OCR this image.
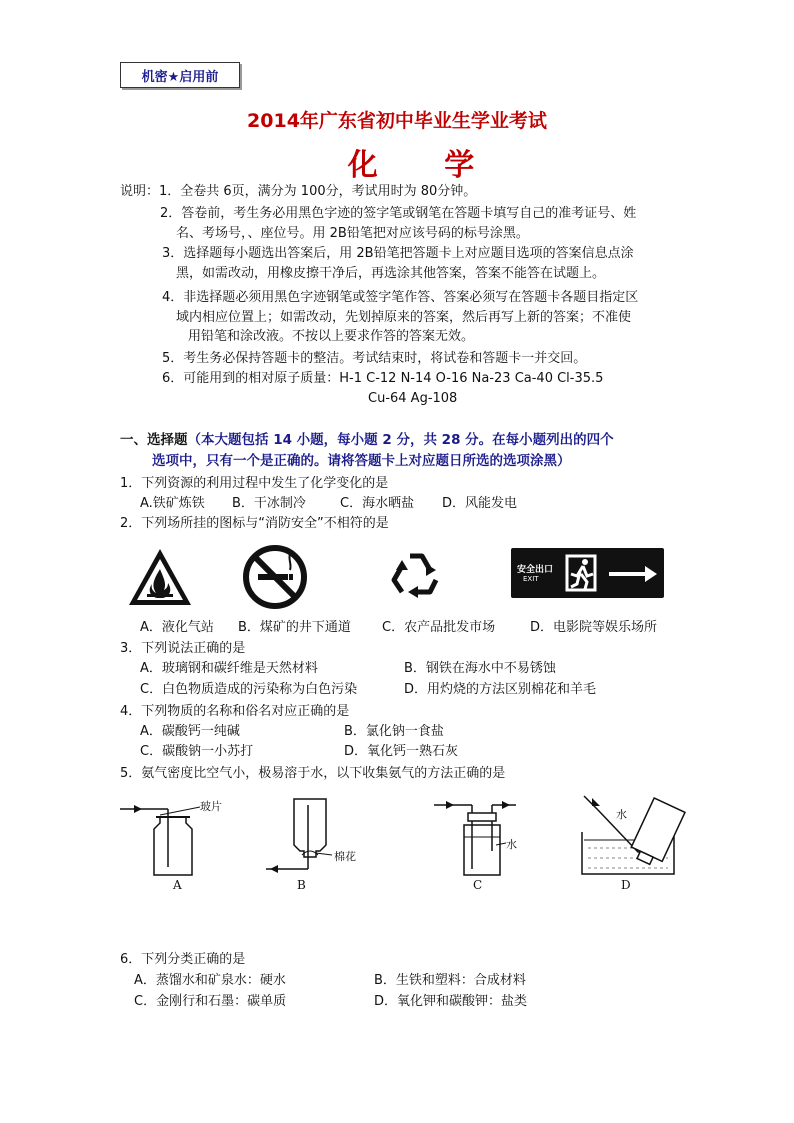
机密★启用前
2014年广东省初中毕业生学业考试
化 学
说明：1．全卷共 6页，满分为 100分，考试用时为 80分钟。
2．答卷前，考生务必用黑色字迹的签字笔或钢笔在答题卡填写自己的准考证号、姓
名、考场号，、座位号。用 2B铅笔把对应该号码的标号涂黑。
3．选择题每小题选出答案后，用 2B铅笔把答题卡上对应题目选项的答案信息点涂
黑，如需改动，用橡皮擦干净后，再选涂其他答案，答案不能答在试题上。
4．非选择题必须用黑色字迹钢笔或签字笔作答、答案必须写在答题卡各题目指定区
域内相应位置上；如需改动，先划掉原来的答案，然后再写上新的答案；不准使
用铅笔和涂改液。不按以上要求作答的答案无效。
5．考生务必保持答题卡的整洁。考试结束时，将试卷和答题卡一并交回。
6．可能用到的相对原子质量：H-1 C-12 N-14 O-16 Na-23 Ca-40 Cl-35.5
Cu-64 Ag-108
一、选择题（本大题包括 14 小题，每小题 2 分，共 28 分。在每小题列出的四个
选项中，只有一个是正确的。请将答题卡上对应题日所选的选项涂黑）
1．下列资源的利用过程中发生了化学变化的是
A.铁矿炼铁 B．干冰制冷	C．海水晒盐 D．风能发电
2．下列场所挂的图标与“消防安全”不相符的是
安全出口
EXIT
A．液化气站 B．煤矿的井下通道 C．农产品批发市场	D．电影院等娱乐场所
3．下列说法正确的是
A．玻璃钢和碳纤维是天然材料	B．钢铁在海水中不易锈蚀
C．白色物质造成的污染称为白色污染	D．用灼烧的方法区别棉花和羊毛
4．下列物质的名称和俗名对应正确的是
A．碳酸钙一纯碱	B．氯化钠一食盐
C．碳酸钠一小苏打	D．氧化钙一熟石灰
5．氨气密度比空气小，极易溶于水，以下收集氨气的方法正确的是
玻片
A
棉花
B
水
C
水
D
6．下列分类正确的是
A．蒸馏水和矿泉水：硬水	B．生铁和塑料：合成材料
C．金刚行和石墨：碳单质	D．氧化钾和碳酸钾：盐类
